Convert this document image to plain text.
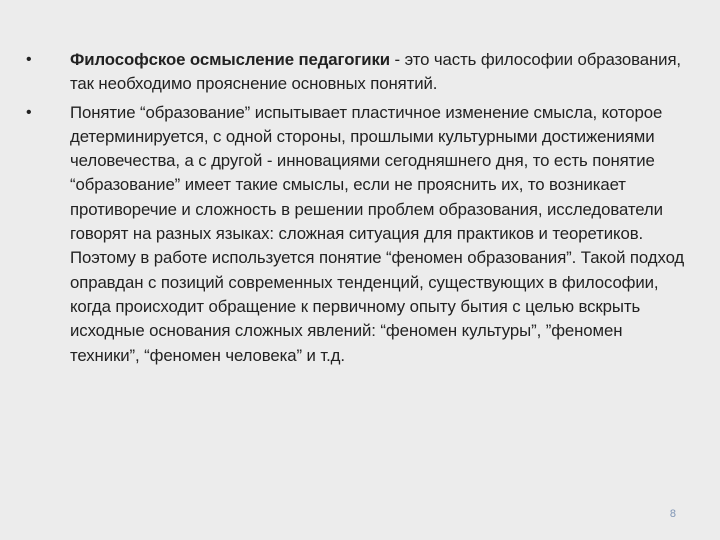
• Философское осмысление педагогики - это часть философии образования, так необходимо прояснение основных понятий.
• Понятие “образование” испытывает пластичное изменение смысла, которое детерминируется, с одной стороны, прошлыми культурными достижениями человечества, а с другой - инновациями сегодняшнего дня, то есть понятие “образование” имеет такие смыслы, если не прояснить их, то возникает противоречие и сложность в решении проблем образования, исследователи говорят на разных языках: сложная ситуация для практиков и теоретиков. Поэтому в работе используется понятие “феномен образования”. Такой подход оправдан с позиций современных тенденций, существующих в философии, когда происходит обращение к первичному опыту бытия с целью вскрыть исходные основания сложных явлений: “феномен культуры”, ”феномен техники”, “феномен человека” и т.д.
8
